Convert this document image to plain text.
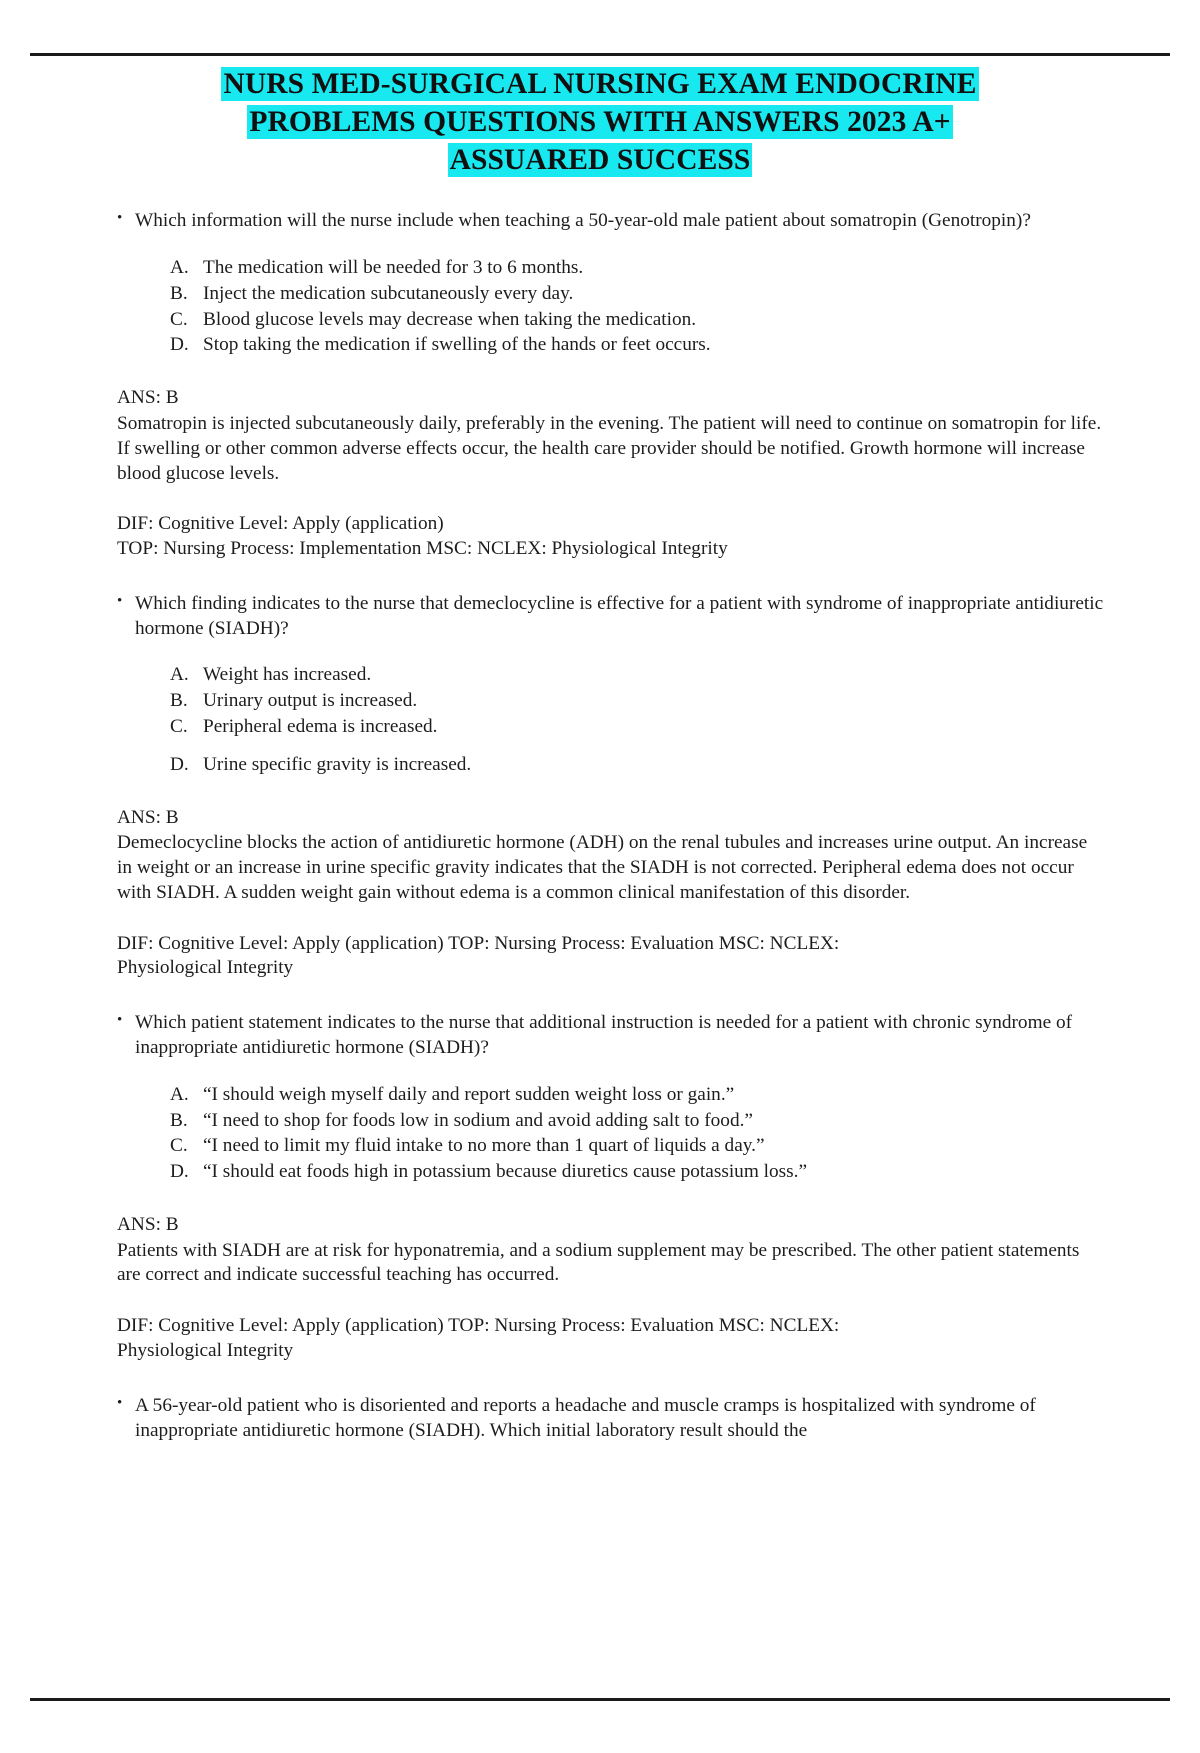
NURS MED-SURGICAL NURSING EXAM ENDOCRINE
PROBLEMS QUESTIONS WITH ANSWERS 2023 A+
ASSUARED SUCCESS
• Which information will the nurse include when teaching a 50-year-old male patient about somatropin (Genotropin)?
A. The medication will be needed for 3 to 6 months.
B. Inject the medication subcutaneously every day.
C. Blood glucose levels may decrease when taking the medication.
D. Stop taking the medication if swelling of the hands or feet occurs.
ANS: B
Somatropin is injected subcutaneously daily, preferably in the evening. The patient will need to continue on somatropin for life. If swelling or other common adverse effects occur, the health care provider should be notified. Growth hormone will increase blood glucose levels.
DIF: Cognitive Level: Apply (application)
TOP: Nursing Process: Implementation MSC: NCLEX: Physiological Integrity
• Which finding indicates to the nurse that demeclocycline is effective for a patient with syndrome of inappropriate antidiuretic hormone (SIADH)?
A. Weight has increased.
B. Urinary output is increased.
C. Peripheral edema is increased.
D. Urine specific gravity is increased.
ANS: B
Demeclocycline blocks the action of antidiuretic hormone (ADH) on the renal tubules and increases urine output. An increase in weight or an increase in urine specific gravity indicates that the SIADH is not corrected. Peripheral edema does not occur with SIADH. A sudden weight gain without edema is a common clinical manifestation of this disorder.
DIF: Cognitive Level: Apply (application) TOP: Nursing Process: Evaluation MSC: NCLEX:
Physiological Integrity
• Which patient statement indicates to the nurse that additional instruction is needed for a patient with chronic syndrome of inappropriate antidiuretic hormone (SIADH)?
A. “I should weigh myself daily and report sudden weight loss or gain.”
B. “I need to shop for foods low in sodium and avoid adding salt to food.”
C. “I need to limit my fluid intake to no more than 1 quart of liquids a day.”
D. “I should eat foods high in potassium because diuretics cause potassium loss.”
ANS: B
Patients with SIADH are at risk for hyponatremia, and a sodium supplement may be prescribed. The other patient statements are correct and indicate successful teaching has occurred.
DIF: Cognitive Level: Apply (application) TOP: Nursing Process: Evaluation MSC: NCLEX:
Physiological Integrity
• A 56-year-old patient who is disoriented and reports a headache and muscle cramps is hospitalized with syndrome of inappropriate antidiuretic hormone (SIADH). Which initial laboratory result should the
